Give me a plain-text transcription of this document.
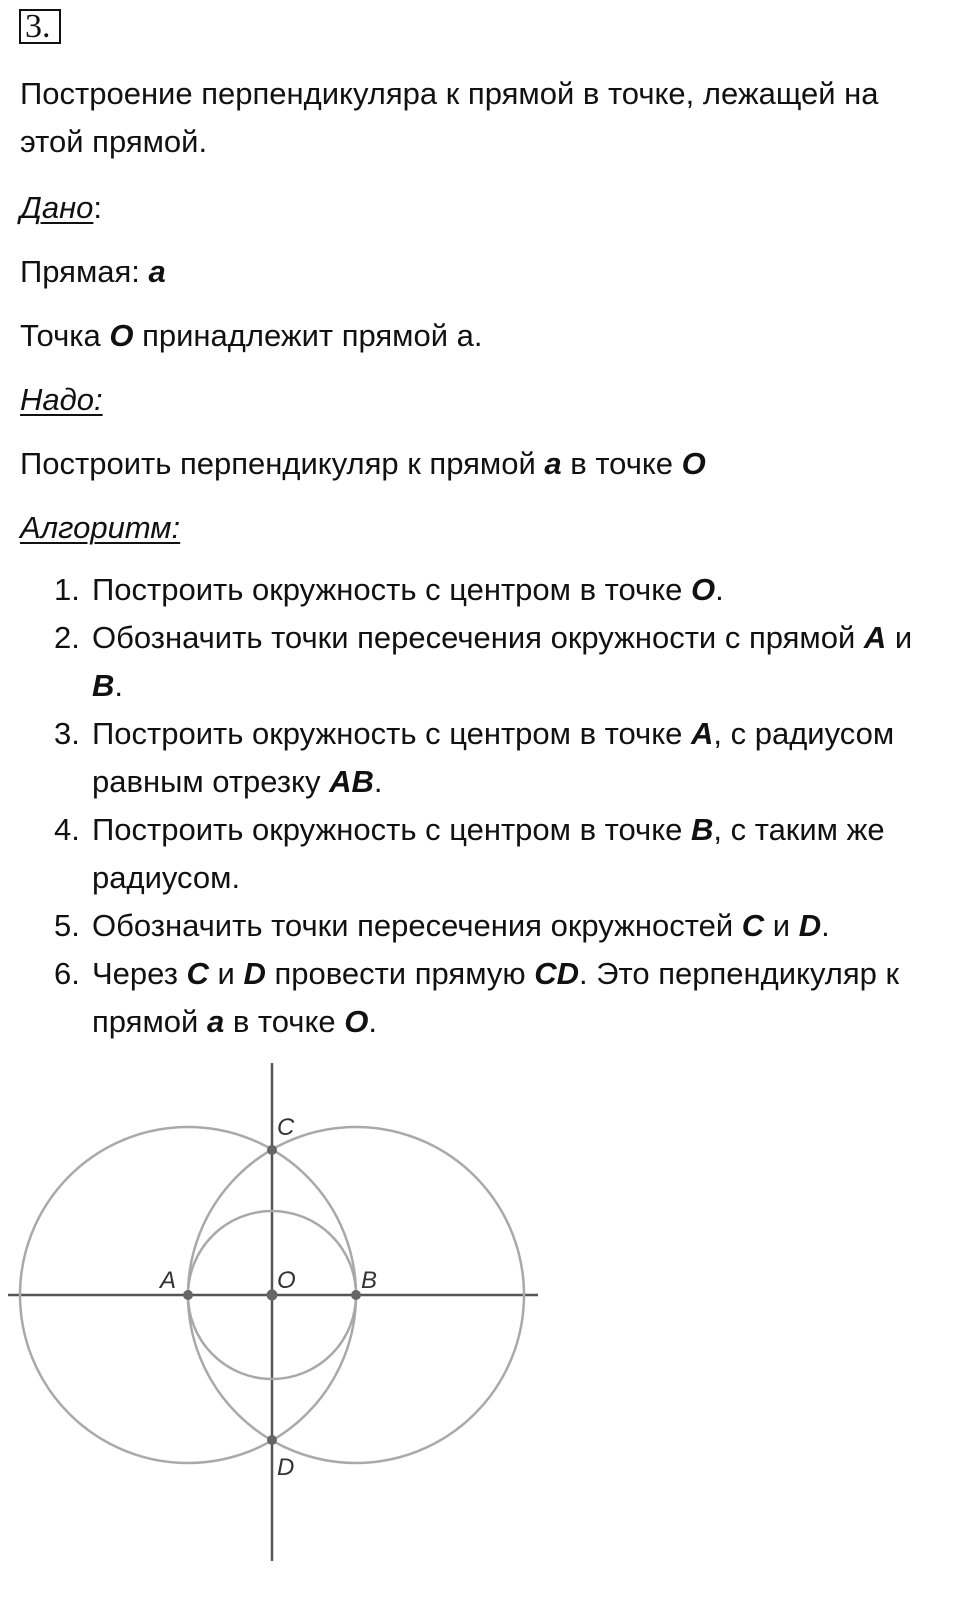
3.

Построение перпендикуляра к прямой в точке, лежащей на
этой прямой.

Дано:

Прямая: a

Точка O принадлежит прямой а.

Надо:

Построить перпендикуляр к прямой a в точке O

Алгоритм:

1. Построить окружность с центром в точке O.
2. Обозначить точки пересечения окружности с прямой A и B.
3. Построить окружность с центром в точке A, с радиусом равным отрезку AB.
4. Построить окружность с центром в точке B, с таким же радиусом.
5. Обозначить точки пересечения окружностей C и D.
6. Через C и D провести прямую CD. Это перпендикуляр к прямой a в точке O.
A	O	B
C
D
